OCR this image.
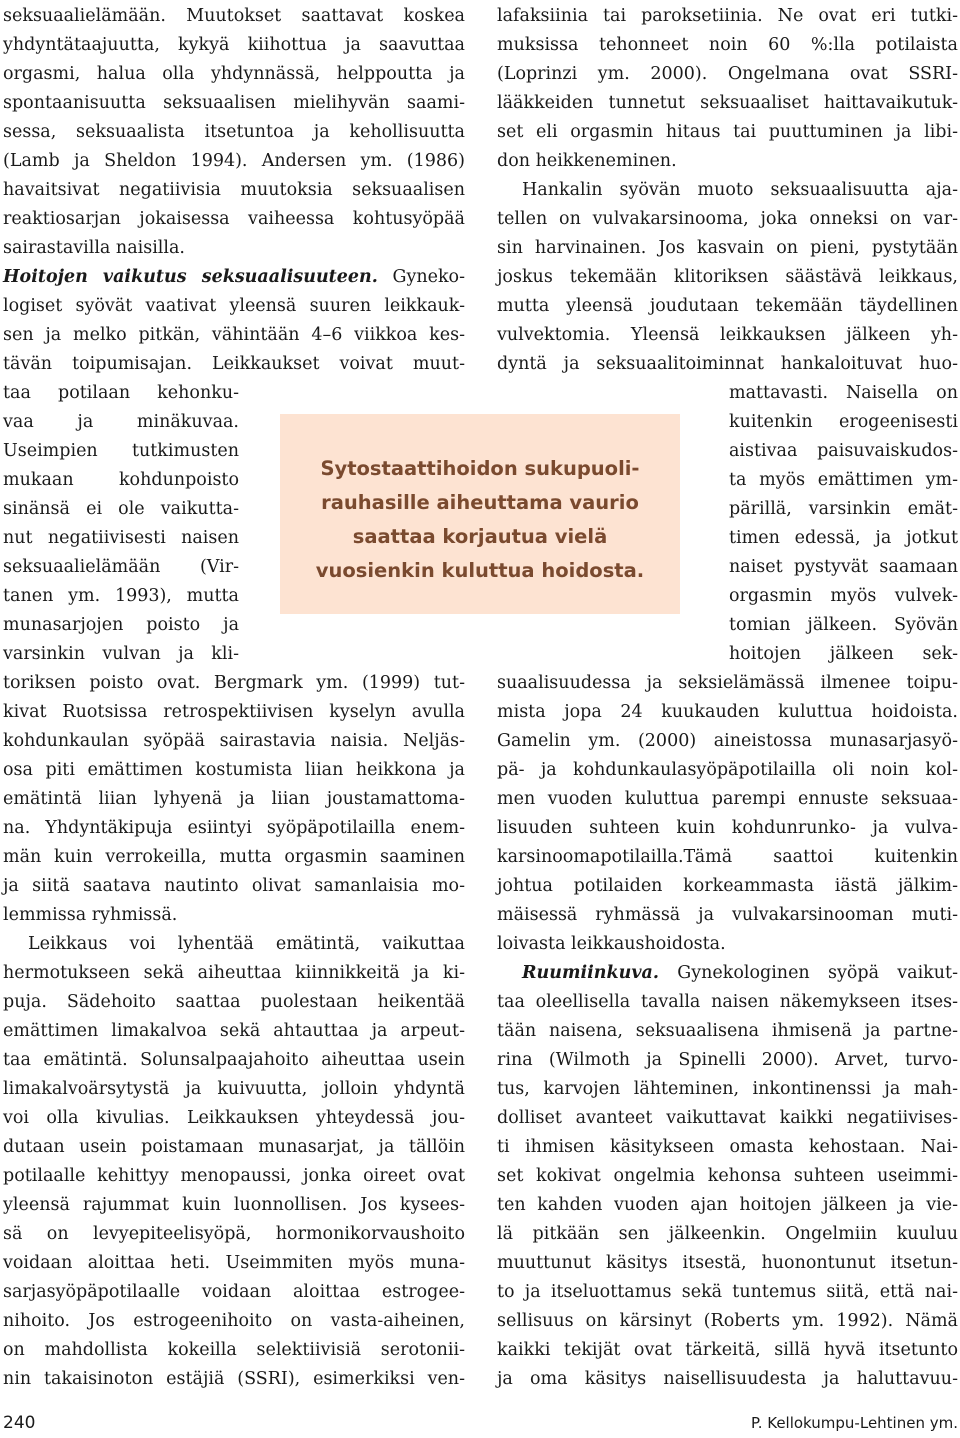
seksuaalielämään. Muutokset saattavat koskea
yhdyntätaajuutta, kykyä kiihottua ja saavuttaa
orgasmi, halua olla yhdynnässä, helppoutta ja
spontaanisuutta seksuaalisen mielihyvän saami-
sessa, seksuaalista itsetuntoa ja kehollisuutta
(Lamb ja Sheldon 1994). Andersen ym. (1986)
havaitsivat negatiivisia muutoksia seksuaalisen
reaktiosarjan jokaisessa vaiheessa kohtusyöpää
sairastavilla naisilla.
Hoitojen vaikutus seksuaalisuuteen. Gyneko-
logiset syövät vaativat yleensä suuren leikkauk-
sen ja melko pitkän, vähintään 4–6 viikkoa kes-
tävän toipumisajan. Leikkaukset voivat muut-
taa potilaan kehonku-
vaa ja minäkuvaa.
Useimpien tutkimusten
mukaan kohdunpoisto
sinänsä ei ole vaikutta-
nut negatiivisesti naisen
seksuaalielämään (Vir-
tanen ym. 1993), mutta
munasarjojen poisto ja
varsinkin vulvan ja kli-
toriksen poisto ovat. Bergmark ym. (1999) tut-
kivat Ruotsissa retrospektiivisen kyselyn avulla
kohdunkaulan syöpää sairastavia naisia. Neljäs-
osa piti emättimen kostumista liian heikkona ja
emätintä liian lyhyenä ja liian joustamattoma-
na. Yhdyntäkipuja esiintyi syöpäpotilailla enem-
män kuin verrokeilla, mutta orgasmin saaminen
ja siitä saatava nautinto olivat samanlaisia mo-
lemmissa ryhmissä.
Leikkaus voi lyhentää emätintä, vaikuttaa
hermotukseen sekä aiheuttaa kiinnikkeitä ja ki-
puja. Sädehoito saattaa puolestaan heikentää
emättimen limakalvoa sekä ahtauttaa ja arpeut-
taa emätintä. Solunsalpaajahoito aiheuttaa usein
limakalvoärsytystä ja kuivuutta, jolloin yhdyntä
voi olla kivulias. Leikkauksen yhteydessä jou-
dutaan usein poistamaan munasarjat, ja tällöin
potilaalle kehittyy menopaussi, jonka oireet ovat
yleensä rajummat kuin luonnollisen. Jos kysees-
sä on levyepiteelisyöpä, hormonikorvaushoito
voidaan aloittaa heti. Useimmiten myös muna-
sarjasyöpäpotilaalle voidaan aloittaa estrogee-
nihoito. Jos estrogeenihoito on vasta-aiheinen,
on mahdollista kokeilla selektiivisiä serotonii-
nin takaisinoton estäjiä (SSRI), esimerkiksi ven-
lafaksiinia tai paroksetiinia. Ne ovat eri tutki-
muksissa tehonneet noin 60 %:lla potilaista
(Loprinzi ym. 2000). Ongelmana ovat SSRI-
lääkkeiden tunnetut seksuaaliset haittavaikutuk-
set eli orgasmin hitaus tai puuttuminen ja libi-
don heikkeneminen.
Hankalin syövän muoto seksuaalisuutta aja-
tellen on vulvakarsinooma, joka onneksi on var-
sin harvinainen. Jos kasvain on pieni, pystytään
joskus tekemään klitoriksen säästävä leikkaus,
mutta yleensä joudutaan tekemään täydellinen
vulvektomia. Yleensä leikkauksen jälkeen yh-
dyntä ja seksuaalitoiminnat hankaloituvat huo-
mattavasti. Naisella on
kuitenkin erogeenisesti
aistivaa paisuvaiskudos-
ta myös emättimen ym-
pärillä, varsinkin emät-
timen edessä, ja jotkut
naiset pystyvät saamaan
orgasmin myös vulvek-
tomian jälkeen. Syövän
hoitojen jälkeen sek-
suaalisuudessa ja seksielämässä ilmenee toipu-
mista jopa 24 kuukauden kuluttua hoidoista.
Gamelin ym. (2000) aineistossa munasarjasyö-
pä- ja kohdunkaulasyöpäpotilailla oli noin kol-
men vuoden kuluttua parempi ennuste seksuaa-
lisuuden suhteen kuin kohdunrunko- ja vulva-
karsinoomapotilailla.Tämä saattoi kuitenkin
johtua potilaiden korkeammasta iästä jälkim-
mäisessä ryhmässä ja vulvakarsinooman muti-
loivasta leikkaushoidosta.
Ruumiinkuva. Gynekologinen syöpä vaikut-
taa oleellisella tavalla naisen näkemykseen itses-
tään naisena, seksuaalisena ihmisenä ja partne-
rina (Wilmoth ja Spinelli 2000). Arvet, turvo-
tus, karvojen lähteminen, inkontinenssi ja mah-
dolliset avanteet vaikuttavat kaikki negatiivises-
ti ihmisen käsitykseen omasta kehostaan. Nai-
set kokivat ongelmia kehonsa suhteen useimmi-
ten kahden vuoden ajan hoitojen jälkeen ja vie-
lä pitkään sen jälkeenkin. Ongelmiin kuuluu
muuttunut käsitys itsestä, huonontunut itsetun-
to ja itseluottamus sekä tuntemus siitä, että nai-
sellisuus on kärsinyt (Roberts ym. 1992). Nämä
kaikki tekijät ovat tärkeitä, sillä hyvä itsetunto
ja oma käsitys naisellisuudesta ja haluttavuu-
Sytostaattihoidon sukupuoli-
rauhasille aiheuttama vaurio
saattaa korjautua vielä
vuosienkin kuluttua hoidosta.
240	P. Kellokumpu-Lehtinen ym.
